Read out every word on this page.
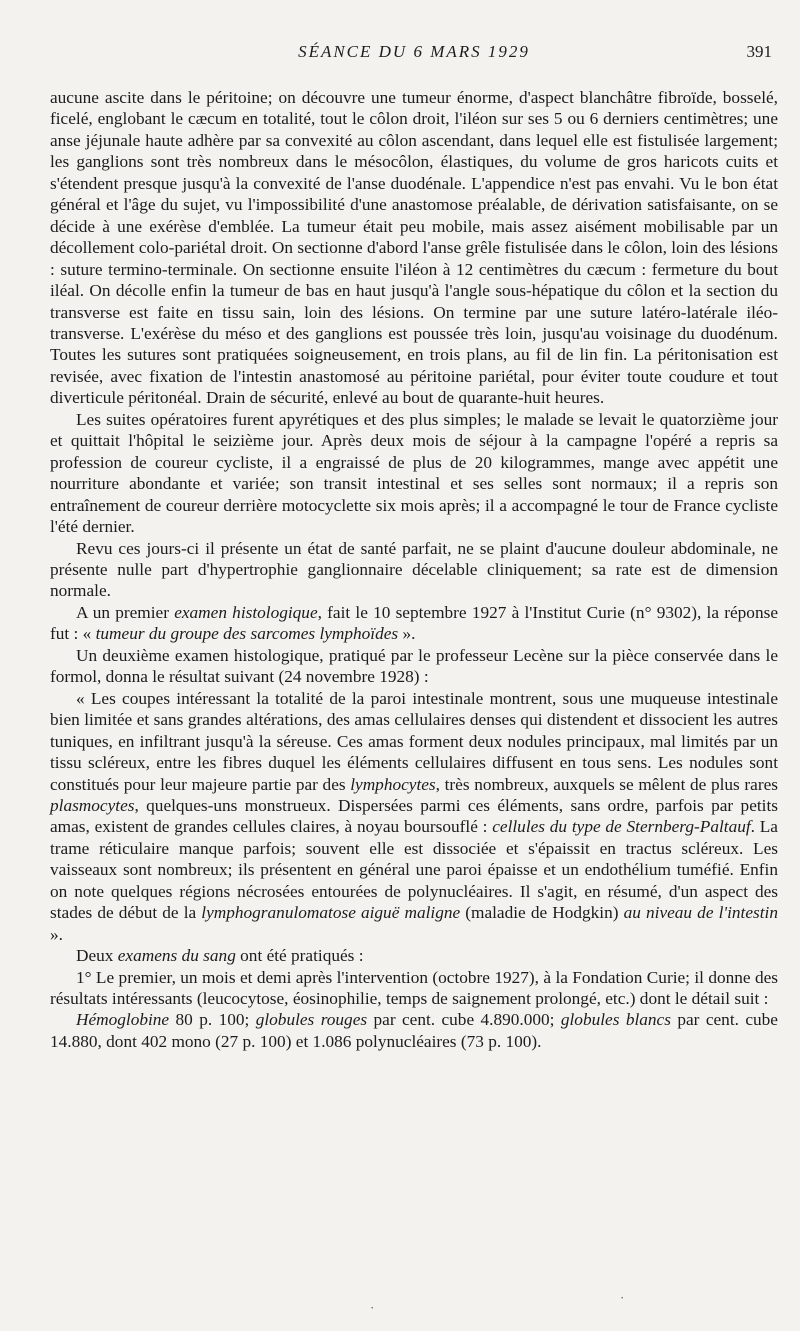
SÉANCE DU 6 MARS 1929	391

aucune ascite dans le péritoine; on découvre une tumeur énorme, d'aspect blanchâtre fibroïde, bosselé, ficelé, englobant le cæcum en totalité, tout le côlon droit, l'iléon sur ses 5 ou 6 derniers centimètres; une anse jéjunale haute adhère par sa convexité au côlon ascendant, dans lequel elle est fistulisée largement; les ganglions sont très nombreux dans le mésocôlon, élastiques, du volume de gros haricots cuits et s'étendent presque jusqu'à la convexité de l'anse duodénale. L'appendice n'est pas envahi. Vu le bon état général et l'âge du sujet, vu l'impossibilité d'une anastomose préalable, de dérivation satisfaisante, on se décide à une exérèse d'emblée. La tumeur était peu mobile, mais assez aisément mobilisable par un décollement colo-pariétal droit. On sectionne d'abord l'anse grêle fistulisée dans le côlon, loin des lésions : suture termino-terminale. On sectionne ensuite l'iléon à 12 centimètres du cæcum : fermeture du bout iléal. On décolle enfin la tumeur de bas en haut jusqu'à l'angle sous-hépatique du côlon et la section du transverse est faite en tissu sain, loin des lésions. On termine par une suture latéro-latérale iléo-transverse. L'exérèse du méso et des ganglions est poussée très loin, jusqu'au voisinage du duodénum. Toutes les sutures sont pratiquées soigneusement, en trois plans, au fil de lin fin. La péritonisation est revisée, avec fixation de l'intestin anastomosé au péritoine pariétal, pour éviter toute coudure et tout diverticule péritonéal. Drain de sécurité, enlevé au bout de quarante-huit heures.

Les suites opératoires furent apyrétiques et des plus simples; le malade se levait le quatorzième jour et quittait l'hôpital le seizième jour. Après deux mois de séjour à la campagne l'opéré a repris sa profession de coureur cycliste, il a engraissé de plus de 20 kilogrammes, mange avec appétit une nourriture abondante et variée; son transit intestinal et ses selles sont normaux; il a repris son entraînement de coureur derrière motocyclette six mois après; il a accompagné le tour de France cycliste l'été dernier.

Revu ces jours-ci il présente un état de santé parfait, ne se plaint d'aucune douleur abdominale, ne présente nulle part d'hypertrophie ganglionnaire décelable cliniquement; sa rate est de dimension normale.

A un premier examen histologique, fait le 10 septembre 1927 à l'Institut Curie (n° 9302), la réponse fut : « tumeur du groupe des sarcomes lymphoïdes ».

Un deuxième examen histologique, pratiqué par le professeur Lecène sur la pièce conservée dans le formol, donna le résultat suivant (24 novembre 1928) :

« Les coupes intéressant la totalité de la paroi intestinale montrent, sous une muqueuse intestinale bien limitée et sans grandes altérations, des amas cellulaires denses qui distendent et dissocient les autres tuniques, en infiltrant jusqu'à la séreuse. Ces amas forment deux nodules principaux, mal limités par un tissu scléreux, entre les fibres duquel les éléments cellulaires diffusent en tous sens. Les nodules sont constitués pour leur majeure partie par des lymphocytes, très nombreux, auxquels se mêlent de plus rares plasmocytes, quelques-uns monstrueux. Dispersées parmi ces éléments, sans ordre, parfois par petits amas, existent de grandes cellules claires, à noyau boursouflé : cellules du type de Sternberg-Paltauf. La trame réticulaire manque parfois; souvent elle est dissociée et s'épaissit en tractus scléreux. Les vaisseaux sont nombreux; ils présentent en général une paroi épaisse et un endothélium tuméfié. Enfin on note quelques régions nécrosées entourées de polynucléaires. Il s'agit, en résumé, d'un aspect des stades de début de la lymphogranulomatose aiguë maligne (maladie de Hodgkin) au niveau de l'intestin ».

Deux examens du sang ont été pratiqués :

1° Le premier, un mois et demi après l'intervention (octobre 1927), à la Fondation Curie; il donne des résultats intéressants (leucocytose, éosinophilie, temps de saignement prolongé, etc.) dont le détail suit :

Hémoglobine 80 p. 100; globules rouges par cent. cube 4.890.000; globules blancs par cent. cube 14.880, dont 402 mono (27 p. 100) et 1.086 polynucléaires (73 p. 100).

·
·
